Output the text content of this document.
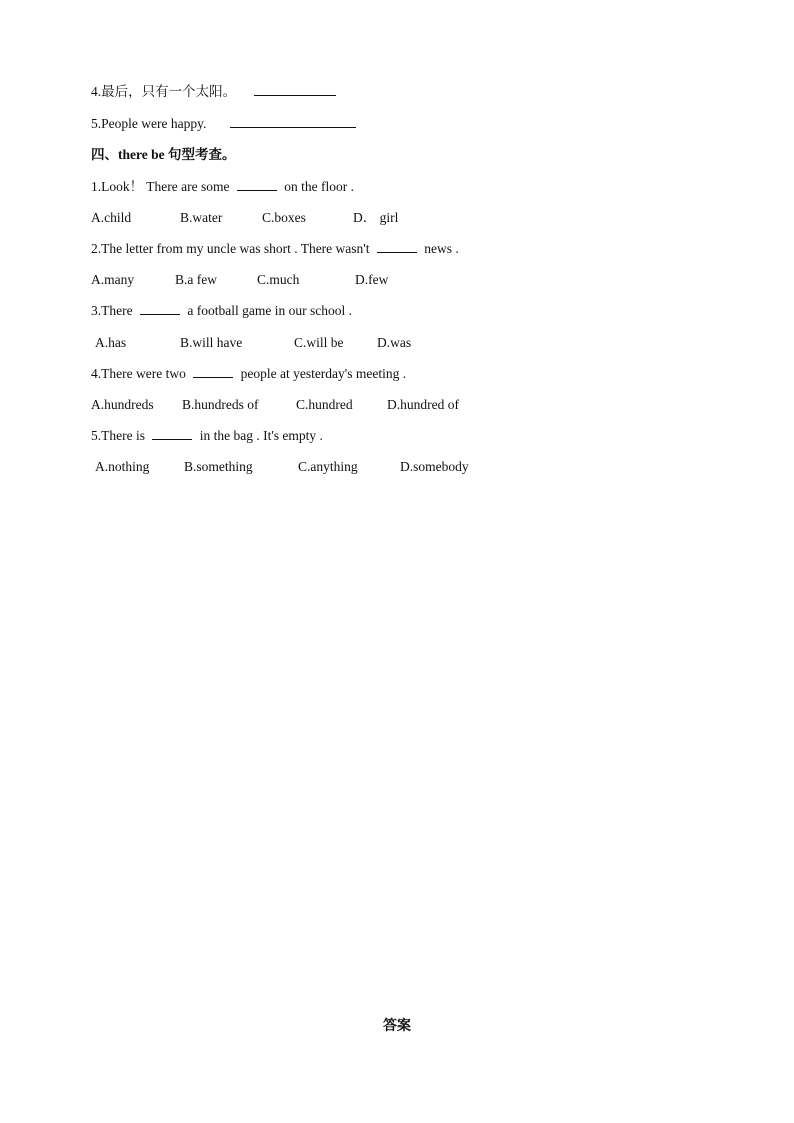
4.最后，只有一个太阳。
5.People were happy.
四、there be 句型考查。
1.Look！ There are some	on the floor .
A.child	B.water	C.boxes	D． girl
2.The letter from my uncle was short . There wasn't	news .
A.many	B.a few	C.much	D.few
3.There	a football game in our school .
A.has	B.will have	C.will be D.was
4.There were two	people at yesterday's meeting .
A.hundreds B.hundreds of	C.hundred	D.hundred of
5.There is	in the bag . It's empty .
A.nothing	B.something	C.anything	D.somebody
答案
